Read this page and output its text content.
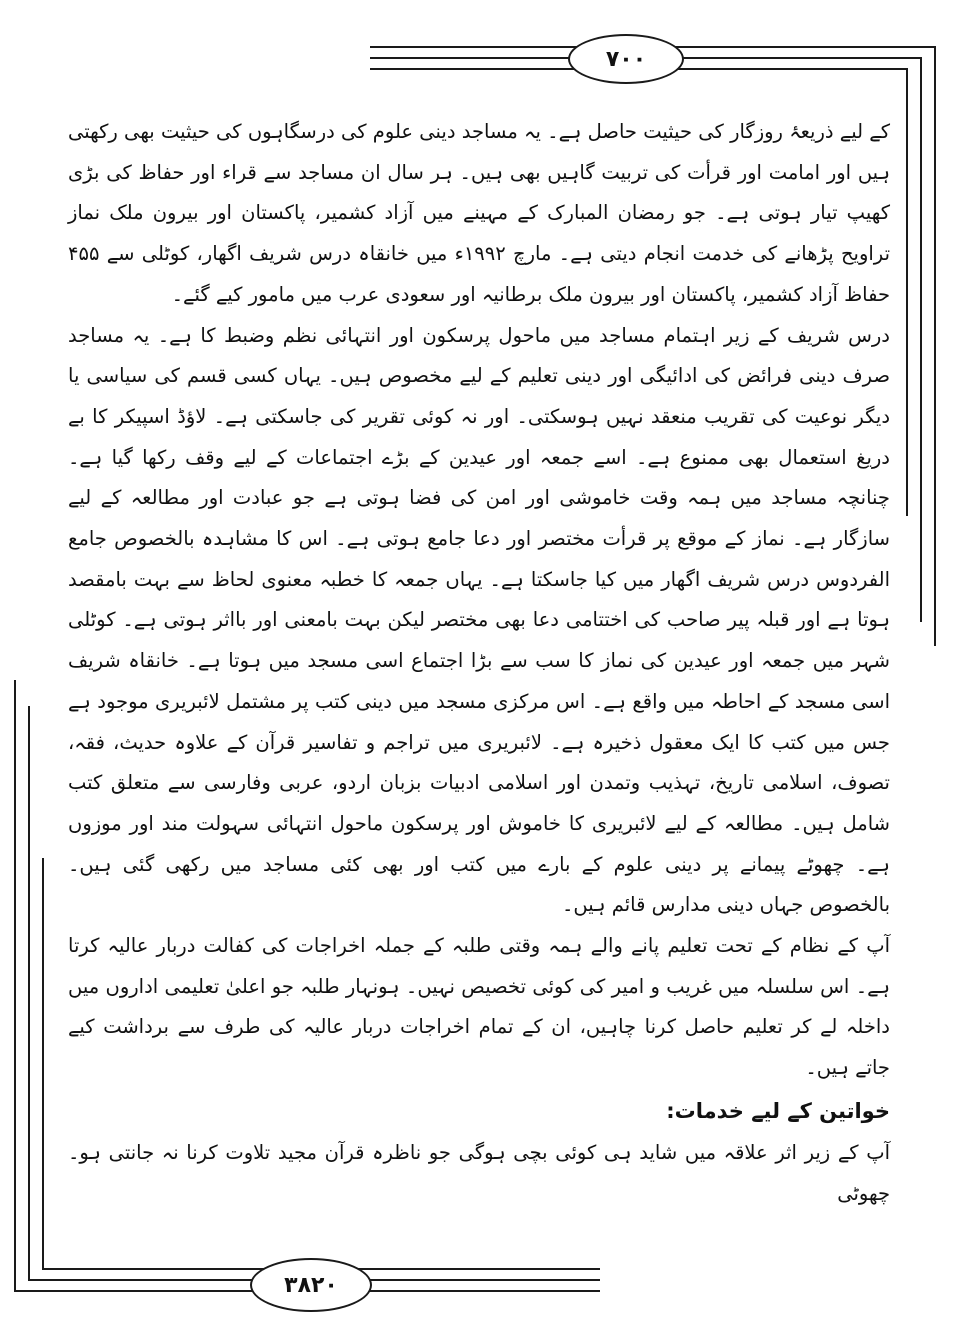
۷۰۰
۳۸۲۰

کے لیے ذریعۂ روزگار کی حیثیت حاصل ہے۔ یہ مساجد دینی علوم کی درسگاہوں کی حیثیت بھی رکھتی ہیں اور امامت اور قرأت کی تربیت گاہیں بھی ہیں۔ ہر سال ان مساجد سے قراء اور حفاظ کی بڑی کھیپ تیار ہوتی ہے۔ جو رمضان المبارک کے مہینے میں آزاد کشمیر، پاکستان اور بیرون ملک نماز تراویح پڑھانے کی خدمت انجام دیتی ہے۔ مارچ ۱۹۹۲ء میں خانقاہ درس شریف اگھار، کوٹلی سے ۴۵۵ حفاظ آزاد کشمیر، پاکستان اور بیرون ملک برطانیہ اور سعودی عرب میں مامور کیے گئے۔

درس شریف کے زیر اہتمام مساجد میں ماحول پرسکون اور انتہائی نظم وضبط کا ہے۔ یہ مساجد صرف دینی فرائض کی ادائیگی اور دینی تعلیم کے لیے مخصوص ہیں۔ یہاں کسی قسم کی سیاسی یا دیگر نوعیت کی تقریب منعقد نہیں ہوسکتی۔ اور نہ کوئی تقریر کی جاسکتی ہے۔ لاؤڈ اسپیکر کا بے دریغ استعمال بھی ممنوع ہے۔ اسے جمعہ اور عیدین کے بڑے اجتماعات کے لیے وقف رکھا گیا ہے۔ چنانچہ مساجد میں ہمہ وقت خاموشی اور امن کی فضا ہوتی ہے جو عبادت اور مطالعہ کے لیے سازگار ہے۔ نماز کے موقع پر قرأت مختصر اور دعا جامع ہوتی ہے۔ اس کا مشاہدہ بالخصوص جامع الفردوس درس شریف اگھار میں کیا جاسکتا ہے۔ یہاں جمعہ کا خطبہ معنوی لحاظ سے بہت بامقصد ہوتا ہے اور قبلہ پیر صاحب کی اختتامی دعا بھی مختصر لیکن بہت بامعنی اور بااثر ہوتی ہے۔ کوٹلی شہر میں جمعہ اور عیدین کی نماز کا سب سے بڑا اجتماع اسی مسجد میں ہوتا ہے۔ خانقاہ شریف اسی مسجد کے احاطہ میں واقع ہے۔ اس مرکزی مسجد میں دینی کتب پر مشتمل لائبریری موجود ہے جس میں کتب کا ایک معقول ذخیرہ ہے۔ لائبریری میں تراجم و تفاسیر قرآن کے علاوہ حدیث، فقہ، تصوف، اسلامی تاریخ، تہذیب وتمدن اور اسلامی ادبیات بزبان اردو، عربی وفارسی سے متعلق کتب شامل ہیں۔ مطالعہ کے لیے لائبریری کا خاموش اور پرسکون ماحول انتہائی سہولت مند اور موزوں ہے۔ چھوٹے پیمانے پر دینی علوم کے بارے میں کتب اور بھی کئی مساجد میں رکھی گئی ہیں۔ بالخصوص جہاں دینی مدارس قائم ہیں۔

آپ کے نظام کے تحت تعلیم پانے والے ہمہ وقتی طلبہ کے جملہ اخراجات کی کفالت دربار عالیہ کرتا ہے۔ اس سلسلہ میں غریب و امیر کی کوئی تخصیص نہیں۔ ہونہار طلبہ جو اعلیٰ تعلیمی اداروں میں داخلہ لے کر تعلیم حاصل کرنا چاہیں، ان کے تمام اخراجات دربار عالیہ کی طرف سے برداشت کیے جاتے ہیں۔

خواتین کے لیے خدمات:

آپ کے زیر اثر علاقہ میں شاید ہی کوئی بچی ہوگی جو ناظرہ قرآن مجید تلاوت کرنا نہ جانتی ہو۔ چھوٹی
